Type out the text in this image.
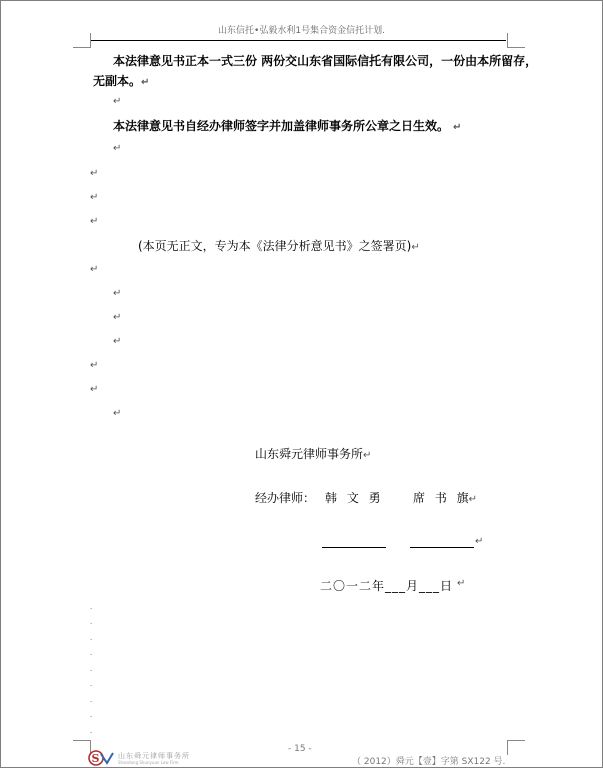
山东信托•弘毅水利1号集合资金信托计划.
本法律意见书正本一式三份 两份交山东省国际信托有限公司，一份由本所留存，
无副本。↵
↵
本法律意见书自经办律师签字并加盖律师事务所公章之日生效。 ↵
↵
↵
↵
↵
(本页无正文，专为本《法律分析意见书》之签署页)↵
↵
↵
↵
↵
↵
↵
↵
山东舜元律师事务所↵
经办律师： 韩 文 勇	席 书 旗↵
↵
二〇一二年___月___日 ↵
·
·
·
·
·
·
·
·
·
S	山东舜元律师事务所
Shandong Shunyuan Law Firm
- 15 -
（ 2012）舜元【壹】字第 SX122 号.
